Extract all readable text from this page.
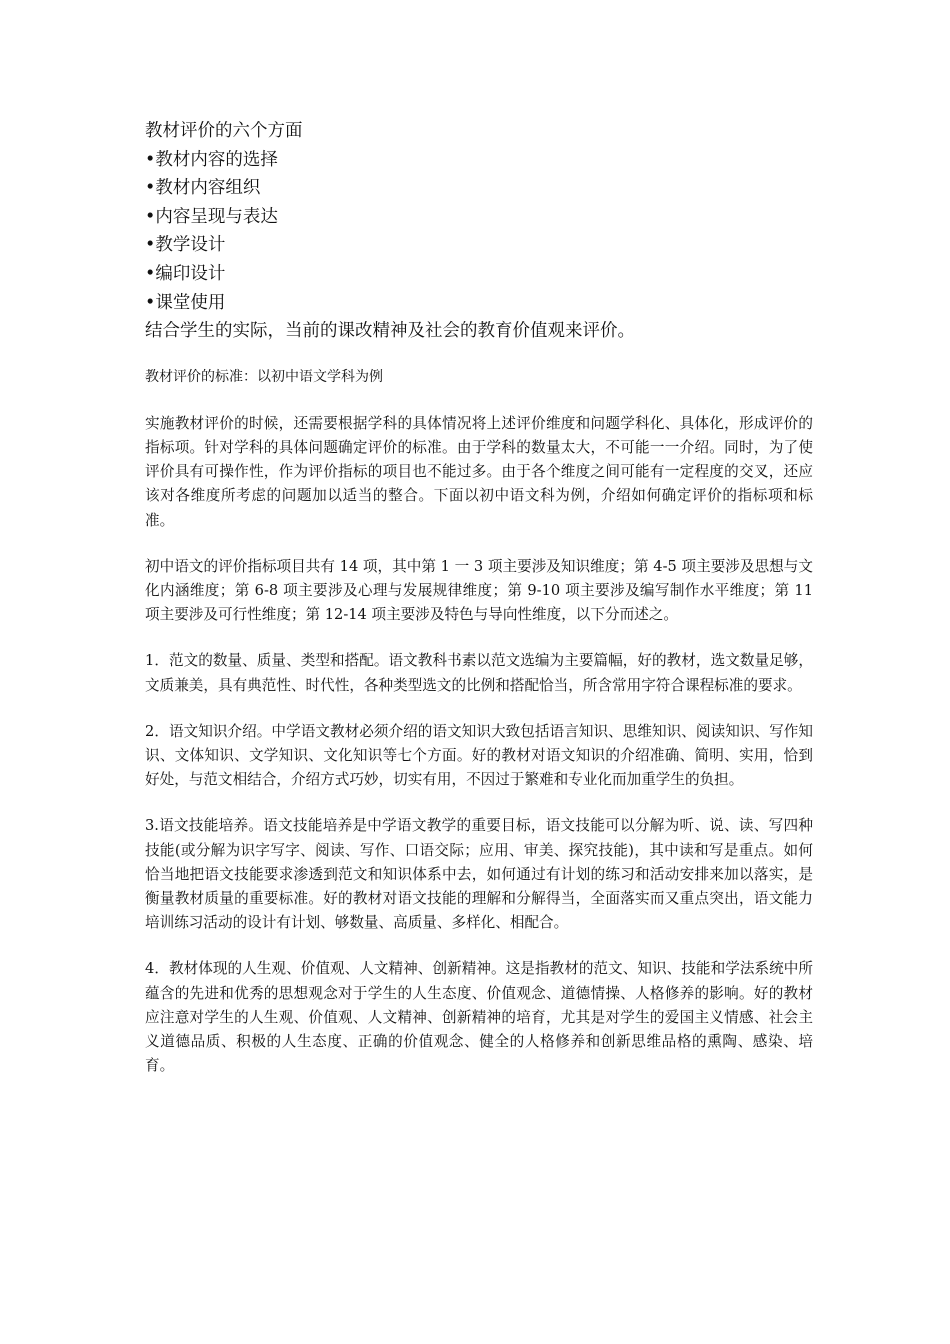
教材评价的六个方面
•教材内容的选择
•教材内容组织
•内容呈现与表达
•教学设计
•编印设计
•课堂使用
结合学生的实际，当前的课改精神及社会的教育价值观来评价。
教材评价的标准：以初中语文学科为例

实施教材评价的时候，还需要根据学科的具体情况将上述评价维度和问题学科化、具体化，形成评价的指标项。针对学科的具体问题确定评价的标准。由于学科的数量太大，不可能一一介绍。同时，为了使评价具有可操作性，作为评价指标的项目也不能过多。由于各个维度之间可能有一定程度的交叉，还应该对各维度所考虑的问题加以适当的整合。下面以初中语文科为例，介绍如何确定评价的指标项和标准。

初中语文的评价指标项目共有 14 项，其中第 1 一 3 项主要涉及知识维度；第 4-5 项主要涉及思想与文化内涵维度；第 6-8 项主要涉及心理与发展规律维度；第 9-10 项主要涉及编写制作水平维度；第 11 项主要涉及可行性维度；第 12-14 项主要涉及特色与导向性维度，以下分而述之。

1．范文的数量、质量、类型和搭配。语文教科书素以范文选编为主要篇幅，好的教材，选文数量足够，文质兼美，具有典范性、时代性，各种类型选文的比例和搭配恰当，所含常用字符合课程标准的要求。

2．语文知识介绍。中学语文教材必须介绍的语文知识大致包括语言知识、思维知识、阅读知识、写作知识、文体知识、文学知识、文化知识等七个方面。好的教材对语文知识的介绍准确、简明、实用，恰到好处，与范文相结合，介绍方式巧妙，切实有用，不因过于繁难和专业化而加重学生的负担。

3.语文技能培养。语文技能培养是中学语文教学的重要目标，语文技能可以分解为听、说、读、写四种技能(或分解为识字写字、阅读、写作、口语交际；应用、审美、探究技能)，其中读和写是重点。如何恰当地把语文技能要求渗透到范文和知识体系中去，如何通过有计划的练习和活动安排来加以落实，是衡量教材质量的重要标准。好的教材对语文技能的理解和分解得当，全面落实而又重点突出，语文能力培训练习活动的设计有计划、够数量、高质量、多样化、相配合。

4．教材体现的人生观、价值观、人文精神、创新精神。这是指教材的范文、知识、技能和学法系统中所蕴含的先进和优秀的思想观念对于学生的人生态度、价值观念、道德情操、人格修养的影响。好的教材应注意对学生的人生观、价值观、人文精神、创新精神的培育，尤其是对学生的爱国主义情感、社会主义道德品质、积极的人生态度、正确的价值观念、健全的人格修养和创新思维品格的熏陶、感染、培育。
